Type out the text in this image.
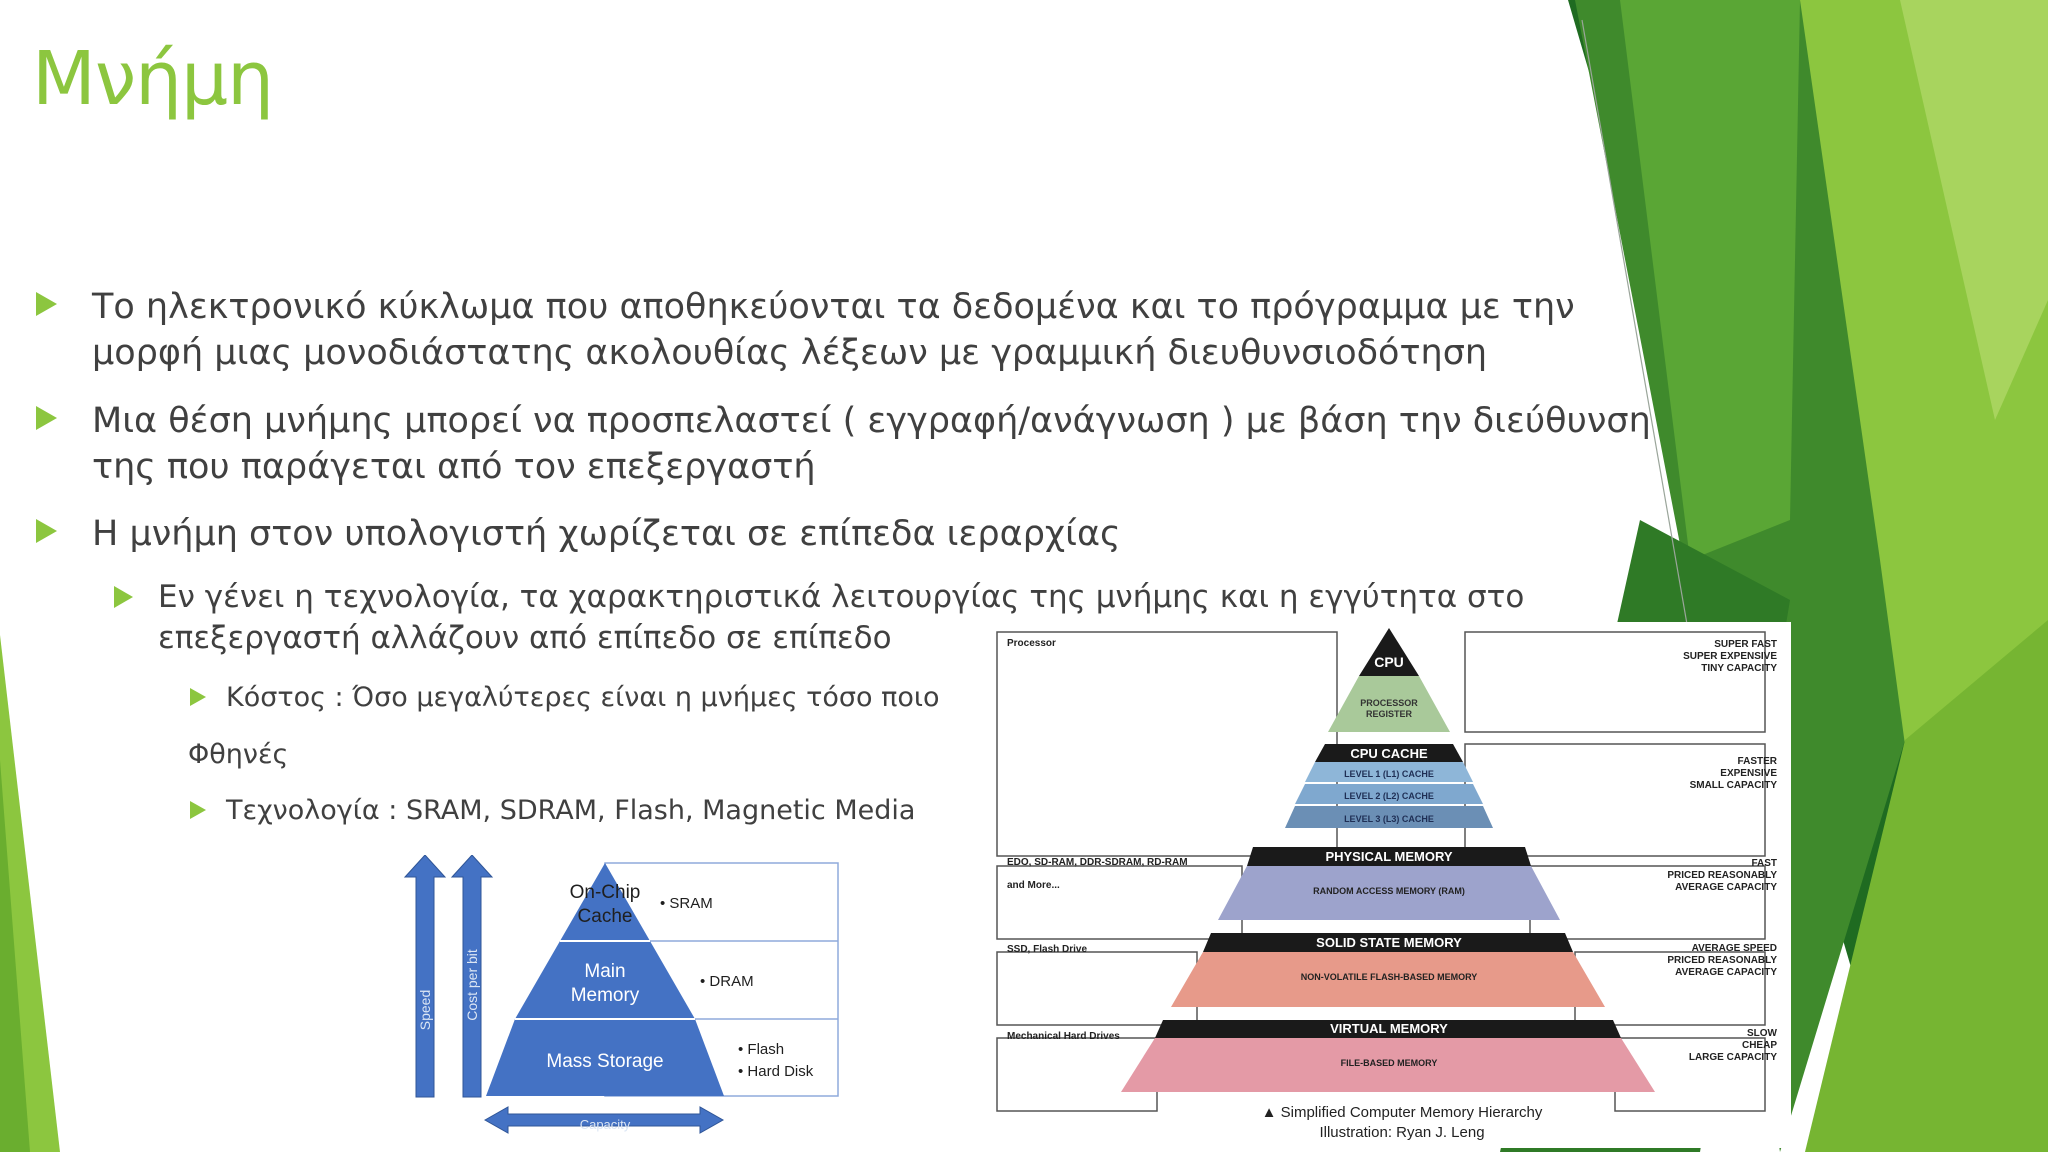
Μνήμη
Το ηλεκτρονικό κύκλωμα που αποθηκεύονται τα δεδομένα και το πρόγραμμα με την
μορφή μιας μονοδιάστατης ακολουθίας λέξεων με γραμμική διευθυνσιοδότηση
Μια θέση μνήμης μπορεί να προσπελαστεί ( εγγραφή/ανάγνωση ) με βάση την διεύθυνση
της που παράγεται από τον επεξεργαστή
Η μνήμη στον υπολογιστή χωρίζεται σε επίπεδα ιεραρχίας
Εν γένει η τεχνολογία, τα χαρακτηριστικά λειτουργίας της μνήμης και η εγγύτητα στο
επεξεργαστή αλλάζουν από επίπεδο σε επίπεδο
Κόστος : Όσο μεγαλύτερες είναι η μνήμες τόσο ποιο
Φθηνές
Τεχνολογία : SRAM, SDRAM, Flash, Magnetic Media
Speed Cost per bit
On-Chip
Cache
Main
Memory
Mass Storage
• SRAM
• DRAM
• Flash
• Hard Disk
Capacity
CPU
PROCESSOR
REGISTER
CPU CACHE
LEVEL 1 (L1) CACHE
LEVEL 2 (L2) CACHE
LEVEL 3 (L3) CACHE
PHYSICAL MEMORY
RANDOM ACCESS MEMORY (RAM)
SOLID STATE MEMORY
NON-VOLATILE FLASH-BASED MEMORY
VIRTUAL MEMORY
FILE-BASED MEMORY
Processor
EDO, SD-RAM, DDR-SDRAM, RD-RAM
and More...
SSD, Flash Drive
Mechanical Hard Drives
SUPER FAST
SUPER EXPENSIVE
TINY CAPACITY
FASTER
EXPENSIVE
SMALL CAPACITY
FAST
PRICED REASONABLY
AVERAGE CAPACITY
AVERAGE SPEED
PRICED REASONABLY
AVERAGE CAPACITY
SLOW
CHEAP
LARGE CAPACITY
▲ Simplified Computer Memory Hierarchy
Illustration: Ryan J. Leng
